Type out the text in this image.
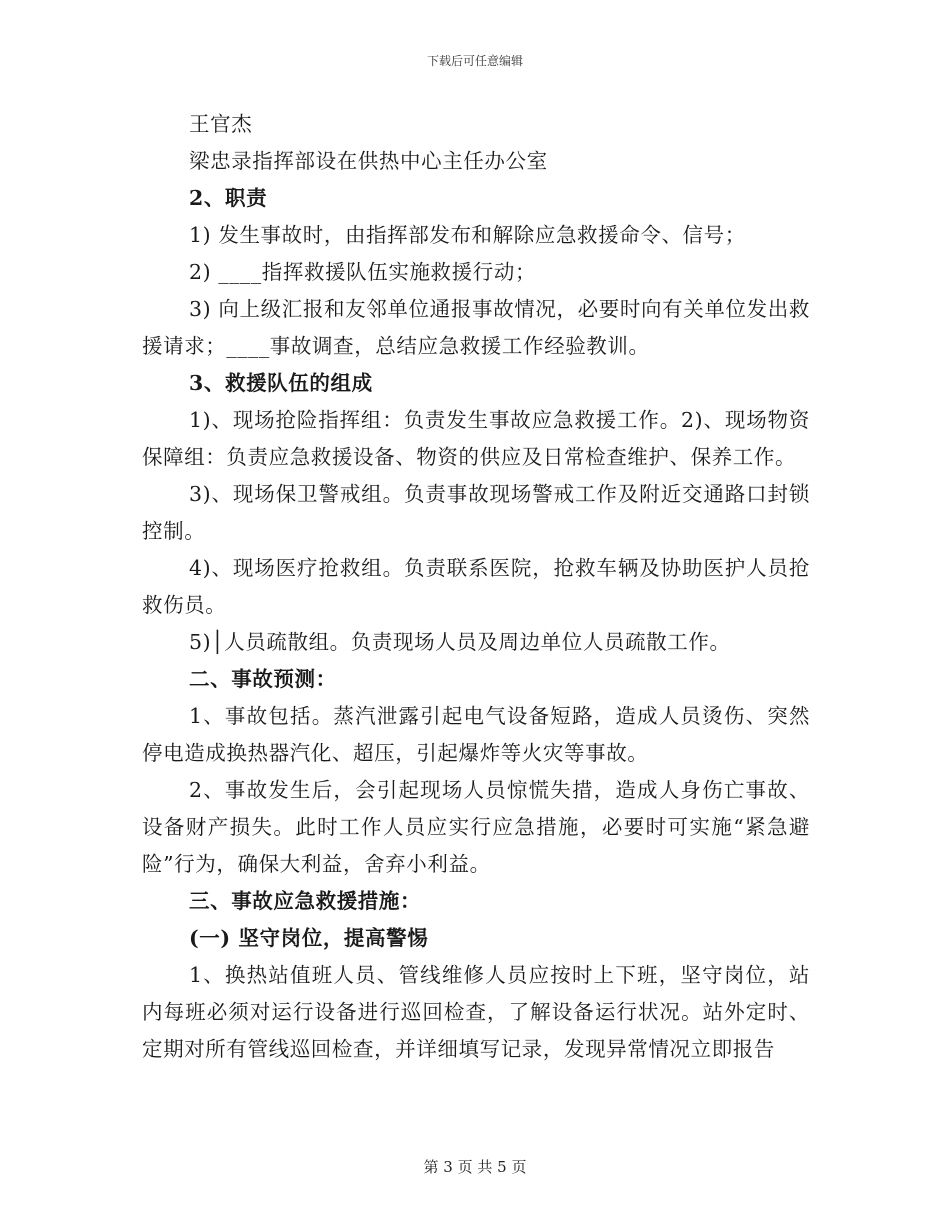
下载后可任意编辑

王官杰

梁忠录指挥部设在供热中心主任办公室

2、职责

1) 发生事故时，由指挥部发布和解除应急救援命令、信号；

2) ____指挥救援队伍实施救援行动；

3) 向上级汇报和友邻单位通报事故情况，必要时向有关单位发出救援请求；____事故调查，总结应急救援工作经验教训。

3、救援队伍的组成

1)、现场抢险指挥组：负责发生事故应急救援工作。2)、现场物资保障组：负责应急救援设备、物资的供应及日常检查维护、保养工作。

3)、现场保卫警戒组。负责事故现场警戒工作及附近交通路口封锁控制。

4)、现场医疗抢救组。负责联系医院，抢救车辆及协助医护人员抢救伤员。

5)│人员疏散组。负责现场人员及周边单位人员疏散工作。

二、事故预测：

1、事故包括。蒸汽泄露引起电气设备短路，造成人员烫伤、突然停电造成换热器汽化、超压，引起爆炸等火灾等事故。

2、事故发生后，会引起现场人员惊慌失措，造成人身伤亡事故、设备财产损失。此时工作人员应实行应急措施，必要时可实施“紧急避险”行为，确保大利益，舍弃小利益。

三、事故应急救援措施：

(一) 坚守岗位，提高警惕

1、换热站值班人员、管线维修人员应按时上下班，坚守岗位，站内每班必须对运行设备进行巡回检查，了解设备运行状况。站外定时、定期对所有管线巡回检查，并详细填写记录，发现异常情况立即报告

第 3 页 共 5 页
